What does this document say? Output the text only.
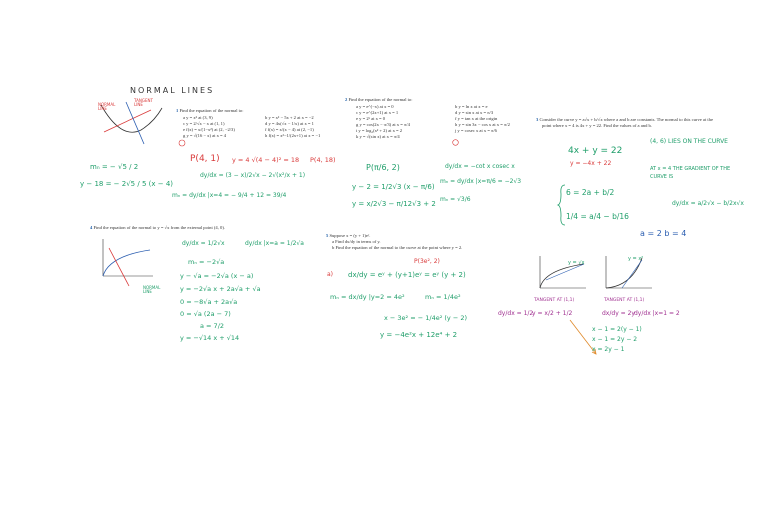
NORMAL LINES
TANGENT LINE
NORMAL LINE	1 Find the equation of the normal to:
a y = x² at (3, 9)
c y = 2/√x − x at (1, 1)
e f(x) = x/(1−x²) at (2, −2/3)
g y = √(16 − x) at x = 4
b y = x³ − 5x + 2 at x = −2
d y = 4x(√x − 1/x) at x = 1
f f(x) = x/(x − 4) at (2, −1)
h f(x) = x²−1/(2x+1) at x = −1
P(4, 1) y = 4 √(4 − 4)² = 18 P(4, 18)
dy/dx = (3 − x)/2√x − 2√(x²/x + 1)
mₙ = dy/dx |x=4 = − 9/4 + 12 = 39/4
mₙ = − √5 / 2
y − 18 = − 2√5 / 5 (x − 4)
2 Find the equation of the normal to:
a y = e^(−x) at x = 0
c y = e^(2x+1) at x = 1
e y = 2ˣ at x = 0
g y = cos(2x − π/3) at x = π/4
i y = log₂(x² + 2) at x = 2
k y = √(sin x) at x = π/4
b y = ln x at x = e
d y = sin x at x = π/3
f y = tan x at the origin
h y = sin 3x − cos x at x = π/2
j y = cosec x at x = π/6
P(π/6, 2)	dy/dx = −cot x cosec x
mₙ = dy/dx |x=π/6 = −2√3
mₙ = √3/6
y − 2 = 1/2√3 (x − π/6)
y = x/2√3 − π/12√3 + 2
3 Consider the curve y = a√x + b/√x where a and b are constants. The normal to this curve at the
point where x = 4 is 4x + y = 22. Find the values of a and b.
4x + y = 22
y = −4x + 22
(4, 6) LIES ON THE CURVE
AT x = 4 THE GRADIENT OF THE CURVE IS
dy/dx = a/2√x − b/2x√x
6 = 2a + b/2
1/4 = a/4 − b/16
a = 2 b = 4
4 Find the equation of the normal to y = √x from the external point (4, 0).
NORMAL LINE
dy/dx = 1/2√x	dy/dx |x=a = 1/2√a
mₙ = −2√a
y − √a = −2√a (x − a)
y = −2√a x + 2a√a + √a
0 = −8√a + 2a√a
0 = √a (2a − 7)
a = 7/2
y = −√14 x + √14
5 Suppose x = (y + 1)eʸ.
a Find dx/dy in terms of y.
b Find the equation of the normal to the curve at the point where y = 2.
P(3e², 2)
a) dx/dy = eʸ + (y+1)eʸ = eʸ (y + 2)
mₙ = dx/dy |y=2 = 4e²	mₙ = 1/4e²
x − 3e² = − 1/4e² (y − 2)
y = −4e²x + 12e⁴ + 2
y = √x
y = x²
TANGENT AT (1,1)	TANGENT AT (1,1)
dy/dx = 1/2
y = x/2 + 1/2	dx/dy = 2y dy/dx |x=1 = 2
x − 1 = 2(y − 1)
x − 1 = 2y − 2
x = 2y − 1
